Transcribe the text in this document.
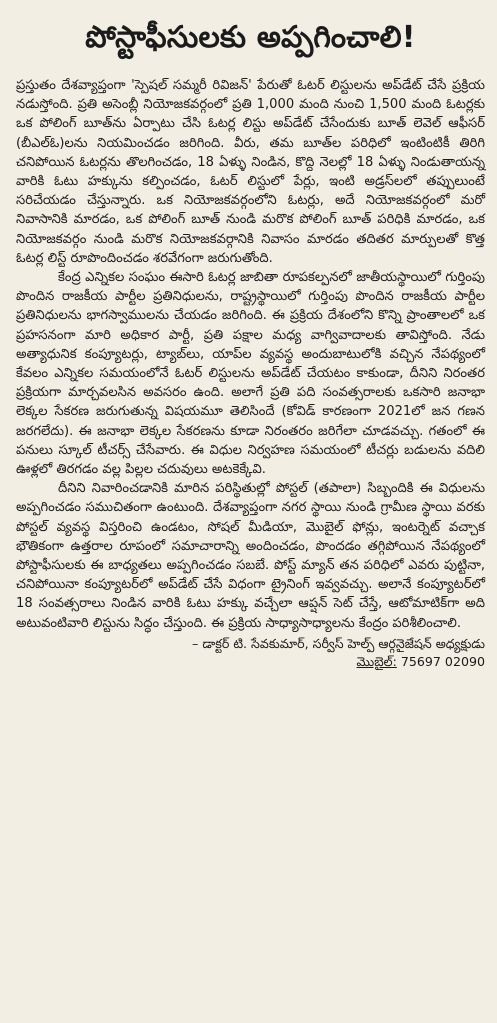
పోస్టాఫీసులకు అప్పగించాలి!

ప్రస్తుతం దేశవ్యాప్తంగా 'స్పెషల్ సమ్మరీ రివిజన్' పేరుతో ఓటర్ లిస్టులను అప్‌డేట్ చేసే ప్రక్రియ నడుస్తోంది. ప్రతి అసెంబ్లీ నియోజకవర్గంలో ప్రతి 1,000 మంది నుంచి 1,500 మంది ఓటర్లకు ఒక పోలింగ్ బూత్‌ను ఏర్పాటు చేసి ఓటర్ల లిస్టు అప్‌డేట్ చేసేందుకు బూత్ లెవెల్ ఆఫీసర్ (బీఎల్ఓ)లను నియమించడం జరిగింది. వీరు, తమ బూత్‌ల పరిధిలో ఇంటింటికీ తిరిగి చనిపోయిన ఓటర్లను తొలగించడం, 18 ఏళ్ళు నిండిన, కొద్ది నెలల్లో 18 ఏళ్ళు నిండుతాయన్న వారికి ఓటు హక్కును కల్పించడం, ఓటర్ లిస్టులో పేర్లు, ఇంటి అడ్రస్‌లలో తప్పులుంటే సరిచేయడం చేస్తున్నారు. ఒక నియోజకవర్గంలోని ఓటర్లు, అదే నియోజకవర్గంలో మరో నివాసానికి మారడం, ఒక పోలింగ్ బూత్ నుండి మరొక పోలింగ్ బూత్ పరిధికి మారడం, ఒక నియోజకవర్గం నుండి మరొక నియోజకవర్గానికి నివాసం మారడం తదితర మార్పులతో కొత్త ఓటర్ల లిస్ట్ రూపొందించడం శరవేగంగా జరుగుతోంది.

కేంద్ర ఎన్నికల సంఘం ఈసారి ఓటర్ల జాబితా రూపకల్పనలో జాతీయస్థాయిలో గుర్తింపు పొందిన రాజకీయ పార్టీల ప్రతినిధులను, రాష్ట్రస్థాయిలో గుర్తింపు పొందిన రాజకీయ పార్టీల ప్రతినిధులను భాగస్వాములను చేయడం జరిగింది. ఈ ప్రక్రియ దేశంలోని కొన్ని ప్రాంతాలలో ఒక ప్రహసనంగా మారి అధికార పార్టీ, ప్రతి పక్షాల మధ్య వాగ్వివాదాలకు తావిస్తోంది. నేడు అత్యాధునిక కంప్యూటర్లు, ట్యాబ్‌లు, యాప్‌ల వ్యవస్థ అందుబాటులోకి వచ్చిన నేపథ్యంలో కేవలం ఎన్నికల సమయంలోనే ఓటర్ లిస్టులను అప్‌డేట్ చేయటం కాకుండా, దీనిని నిరంతర ప్రక్రియగా మార్చవలసిన అవసరం ఉంది. అలాగే ప్రతి పది సంవత్సరాలకు ఒకసారి జనాభా లెక్కల సేకరణ జరుగుతున్న విషయమూ తెలిసిందే (కోవిడ్ కారణంగా 2021లో జన గణన జరగలేదు). ఈ జనాభా లెక్కల సేకరణను కూడా నిరంతరం జరిగేలా చూడవచ్చు. గతంలో ఈ పనులు స్కూల్ టీచర్స్ చేసేవారు. ఈ విధుల నిర్వహణ సమయంలో టీచర్లు బడులను వదిలి ఊళ్లలో తిరగడం వల్ల పిల్లల చదువులు అటకెక్కేవి.

దీనిని నివారించడానికి మారిన పరిస్థితుల్లో పోస్టల్ (తపాలా) సిబ్బందికి ఈ విధులను అప్పగించడం సముచితంగా ఉంటుంది. దేశవ్యాప్తంగా నగర స్థాయి నుండి గ్రామీణ స్థాయి వరకు పోస్టల్ వ్యవస్థ విస్తరించి ఉండటం, సోషల్ మీడియా, మొబైల్ ఫోన్లు, ఇంటర్నెట్ వచ్చాక భౌతికంగా ఉత్తరాల రూపంలో సమాచారాన్ని అందించడం, పొందడం తగ్గిపోయిన నేపథ్యంలో పోస్టాఫీసులకు ఈ బాధ్యతలు అప్పగించడం సబబే. పోస్ట్ మ్యాన్ తన పరిధిలో ఎవరు పుట్టినా, చనిపోయినా కంప్యూటర్‌లో అప్‌డేట్ చేసే విధంగా ట్రైనింగ్ ఇవ్వవచ్చు. అలానే కంప్యూటర్‌లో 18 సంవత్సరాలు నిండిన వారికి ఓటు హక్కు వచ్చేలా ఆప్షన్ సెట్ చేస్తే, ఆటోమాటిక్‌గా అది అటువంటివారి లిస్టును సిద్ధం చేస్తుంది. ఈ ప్రక్రియ సాధ్యాసాధ్యాలను కేంద్రం పరిశీలించాలి.

– డాక్టర్ టి. సేవకుమార్, సర్వీస్ హెల్ప్ ఆర్గనైజేషన్ అధ్యక్షుడు
మొబైల్: 75697 02090
